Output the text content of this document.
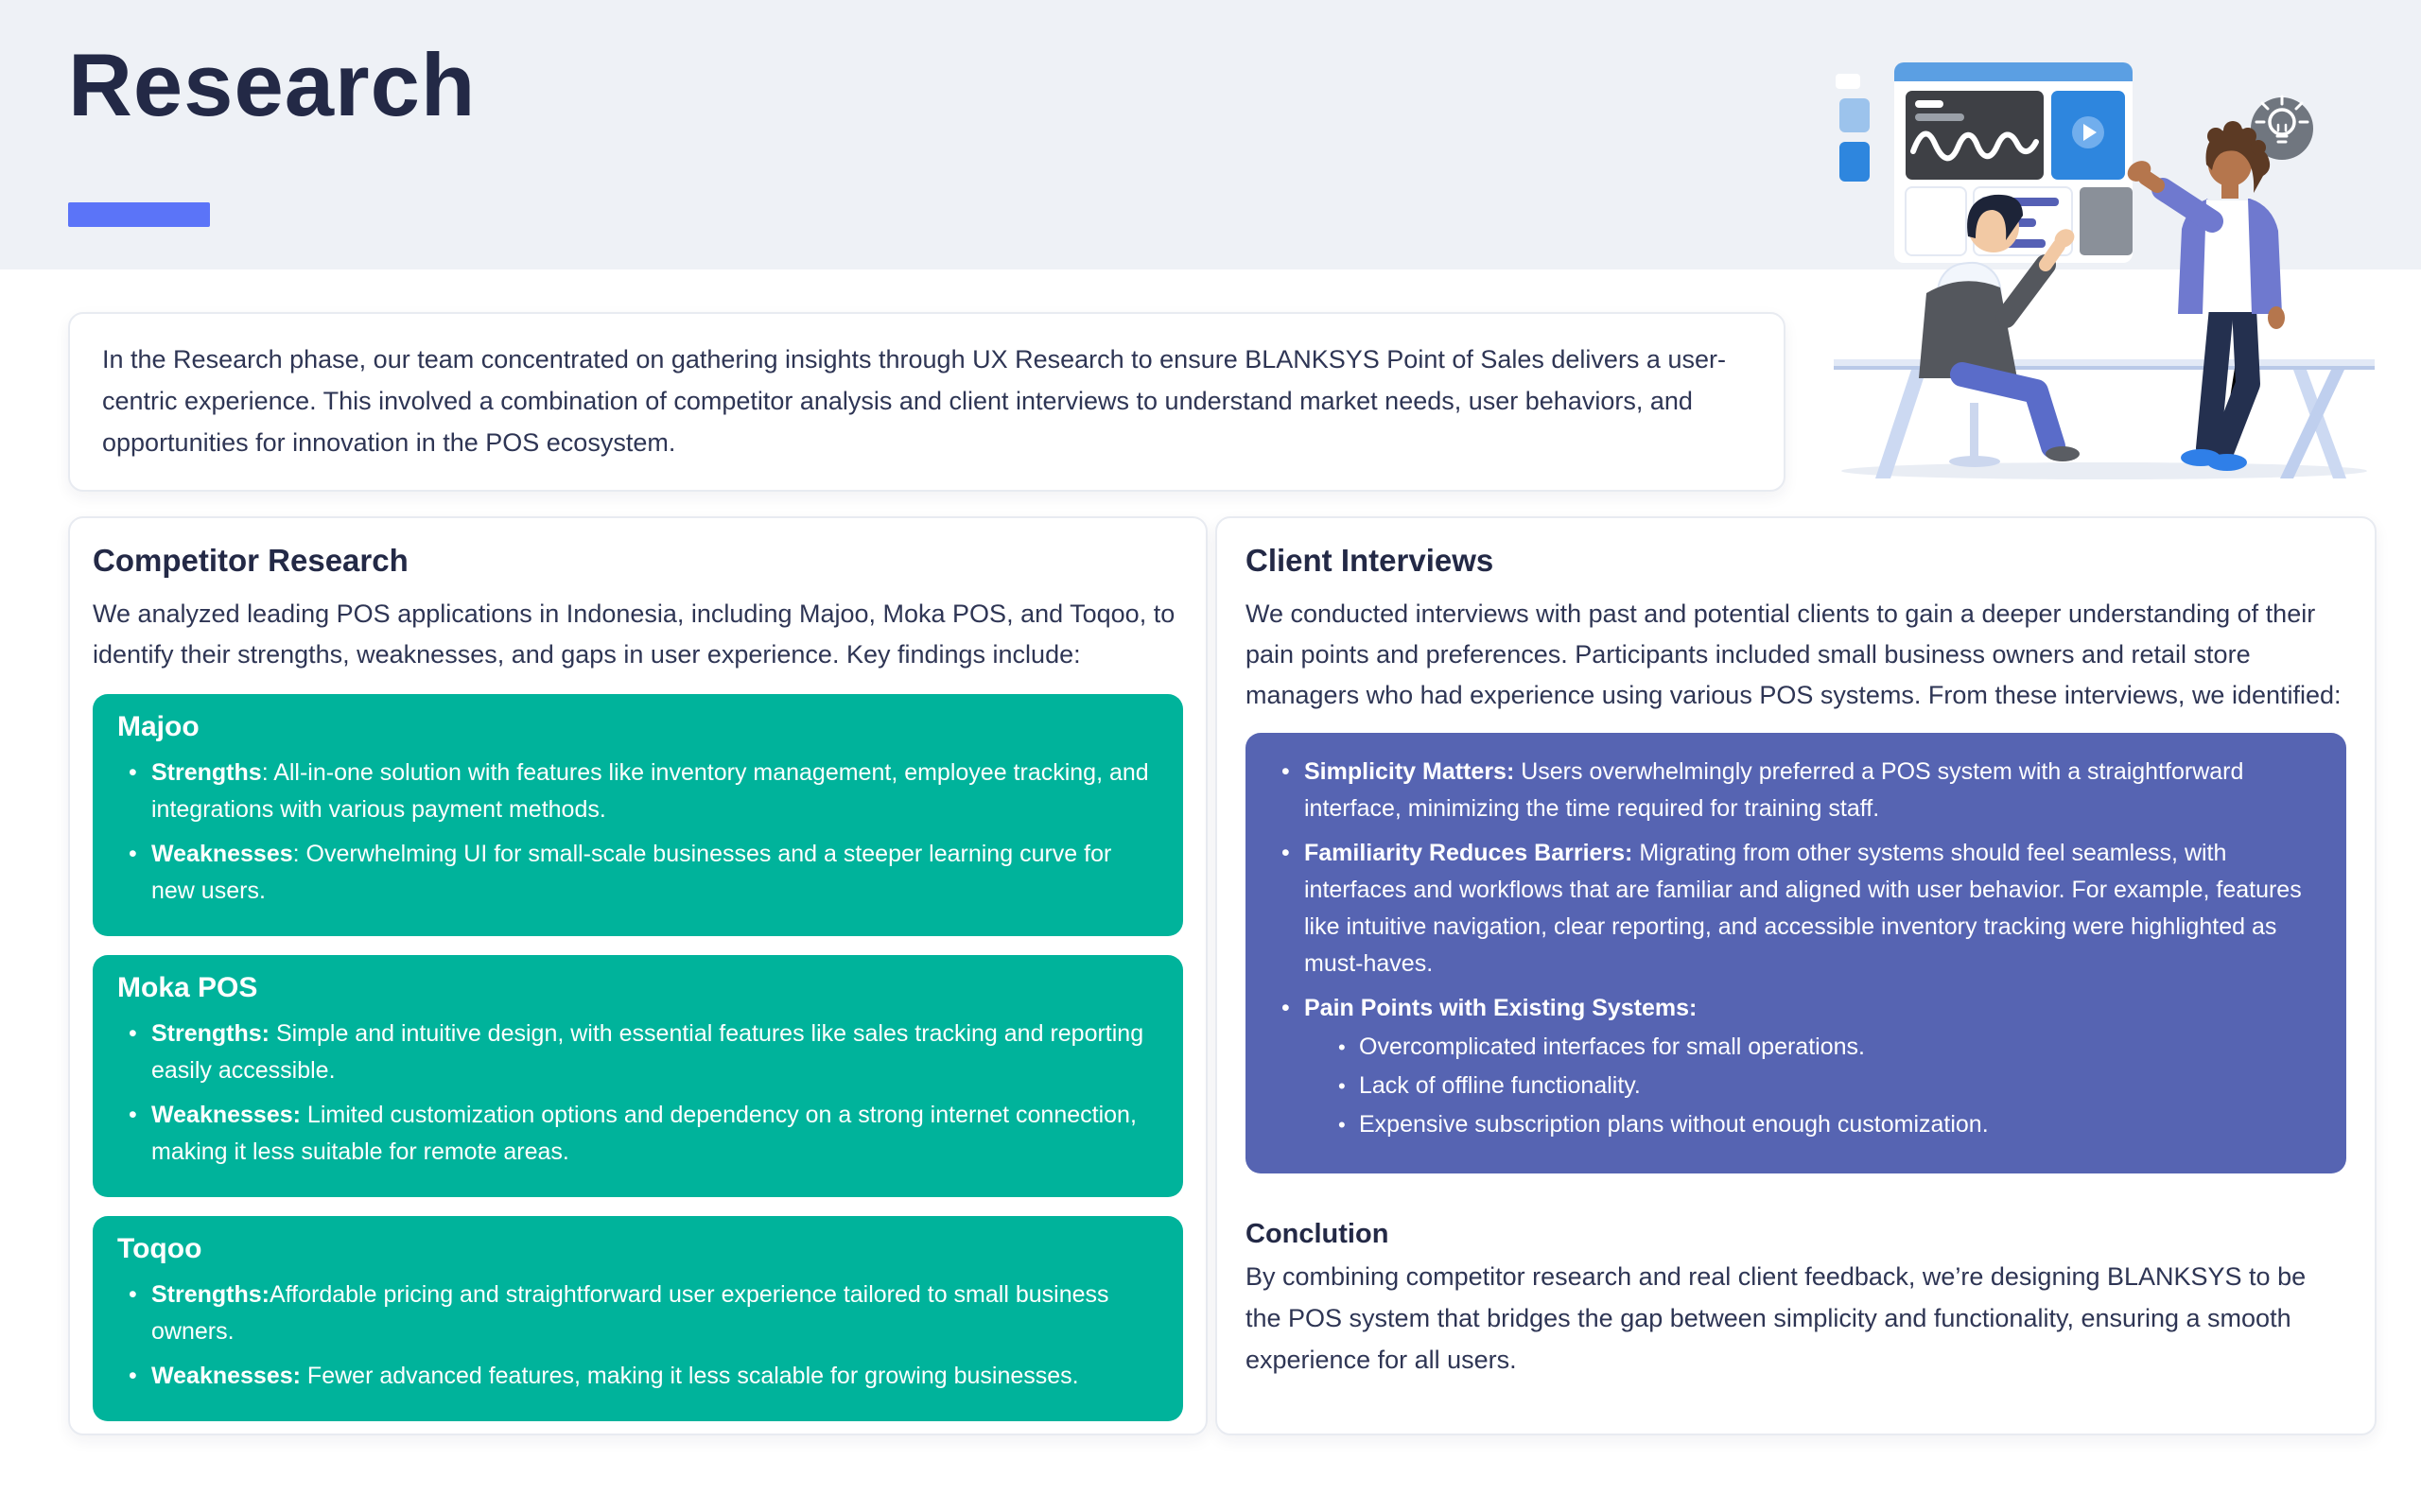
Research
In the Research phase, our team concentrated on gathering insights through UX Research to ensure BLANKSYS Point of Sales delivers a user-centric experience. This involved a combination of competitor analysis and client interviews to understand market needs, user behaviors, and opportunities for innovation in the POS ecosystem.
Competitor Research

We analyzed leading POS applications in Indonesia, including Majoo, Moka POS, and Toqoo, to identify their strengths, weaknesses, and gaps in user experience. Key findings include:

Majoo
• Strengths: All-in-one solution with features like inventory management, employee tracking, and integrations with various payment methods.
• Weaknesses: Overwhelming UI for small-scale businesses and a steeper learning curve for new users.
Moka POS
• Strengths: Simple and intuitive design, with essential features like sales tracking and reporting easily accessible.
• Weaknesses: Limited customization options and dependency on a strong internet connection, making it less suitable for remote areas.
Toqoo
• Strengths:Affordable pricing and straightforward user experience tailored to small business owners.
• Weaknesses: Fewer advanced features, making it less scalable for growing businesses.
Client Interviews

We conducted interviews with past and potential clients to gain a deeper understanding of their pain points and preferences. Participants included small business owners and retail store managers who had experience using various POS systems. From these interviews, we identified:

• Simplicity Matters: Users overwhelmingly preferred a POS system with a straightforward interface, minimizing the time required for training staff.
• Familiarity Reduces Barriers: Migrating from other systems should feel seamless, with interfaces and workflows that are familiar and aligned with user behavior. For example, features like intuitive navigation, clear reporting, and accessible inventory tracking were highlighted as must-haves.
• Pain Points with Existing Systems:
• Overcomplicated interfaces for small operations.
• Lack of offline functionality.
• Expensive subscription plans without enough customization.
Conclution

By combining competitor research and real client feedback, we’re designing BLANKSYS to be the POS system that bridges the gap between simplicity and functionality, ensuring a smooth experience for all users.
